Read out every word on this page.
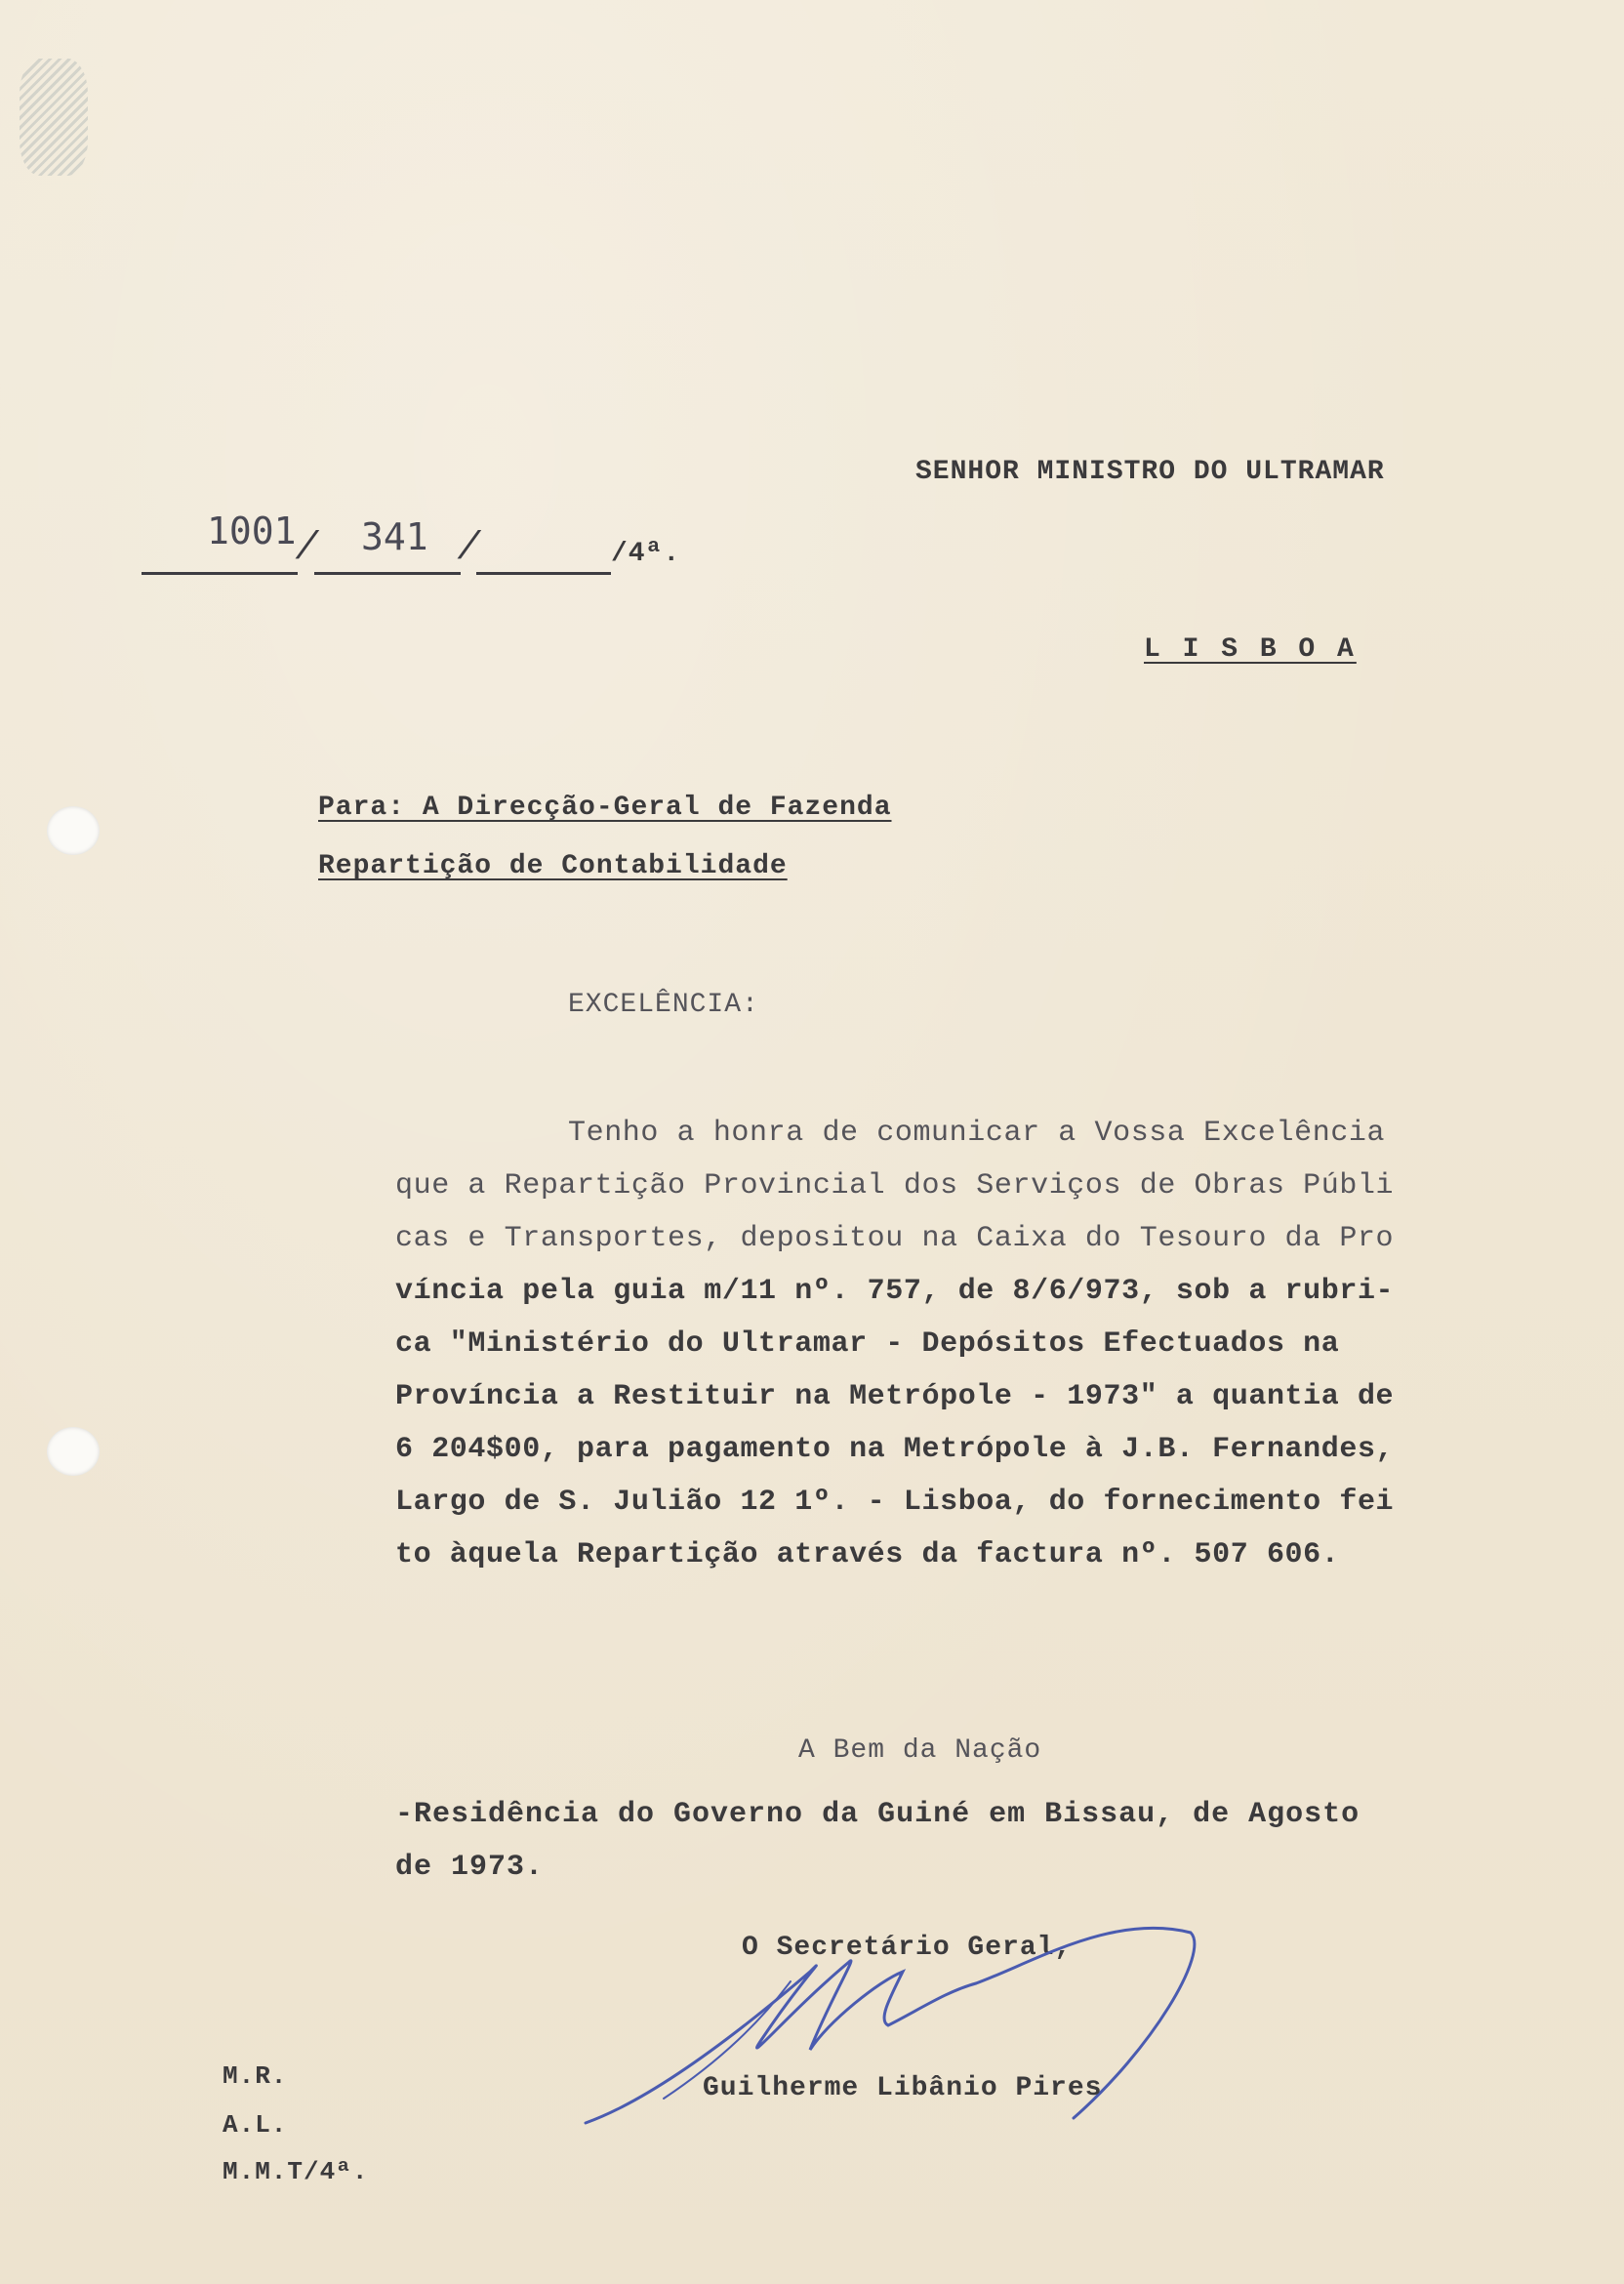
SENHOR MINISTRO DO ULTRAMAR
L I S B O A
1001
/ 341 /	/4ª.
Para: A Direcção-Geral de Fazenda
Repartição de Contabilidade
EXCELÊNCIA:
Tenho a honra de comunicar a Vossa Excelência
que a Repartição Provincial dos Serviços de Obras Públi
cas e Transportes, depositou na Caixa do Tesouro da Pro
víncia pela guia m/11 nº. 757, de 8/6/973, sob a rubri-
ca "Ministério do Ultramar - Depósitos Efectuados na
Província a Restituir na Metrópole - 1973" a quantia de
6 204$00, para pagamento na Metrópole à J.B. Fernandes,
Largo de S. Julião 12 1º. - Lisboa, do fornecimento fei
to àquela Repartição através da factura nº. 507 606.
A Bem da Nação
-Residência do Governo da Guiné em Bissau, de Agosto
de 1973.
O Secretário Geral,
Guilherme Libânio Pires
M.R.
A.L.
M.M.T/4ª.
